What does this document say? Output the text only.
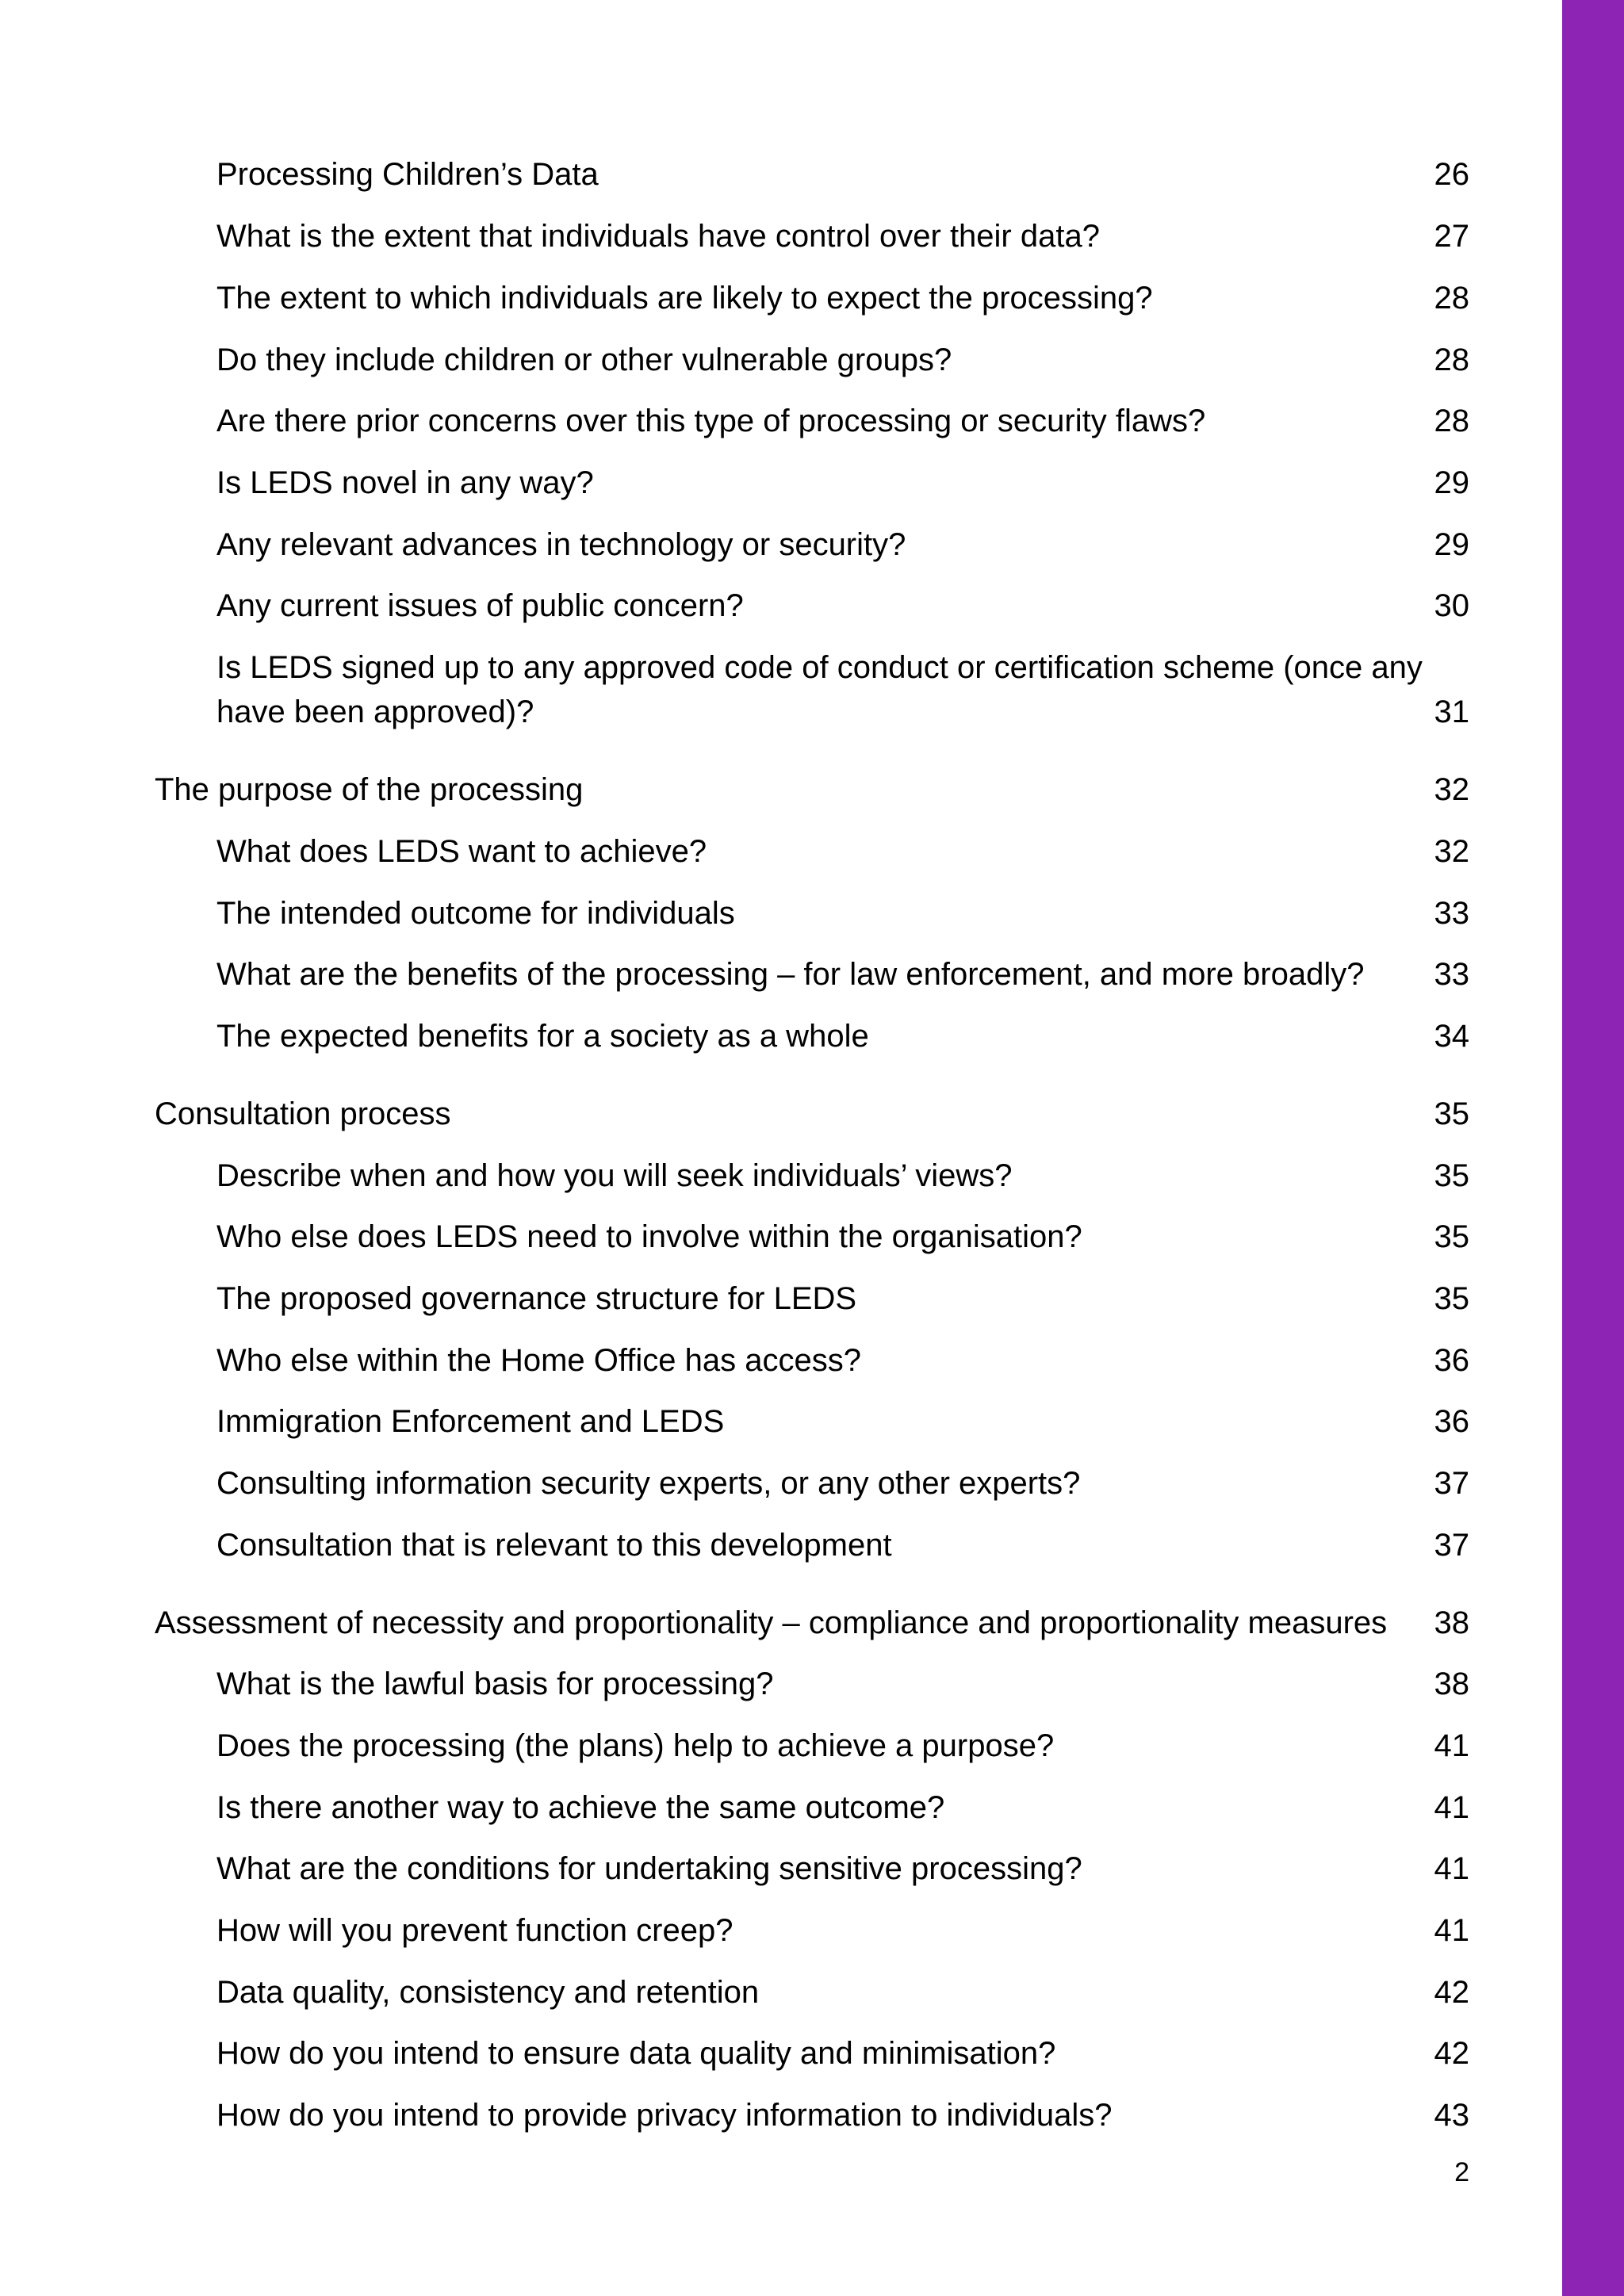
Processing Children’s Data	26
What is the extent that individuals have control over their data?	27
The extent to which individuals are likely to expect the processing?	28
Do they include children or other vulnerable groups?	28
Are there prior concerns over this type of processing or security flaws?	28
Is LEDS novel in any way?	29
Any relevant advances in technology or security?	29
Any current issues of public concern?	30
Is LEDS signed up to any approved code of conduct or certification scheme (once any have been approved)?	31
The purpose of the processing	32
What does LEDS want to achieve?	32
The intended outcome for individuals	33
What are the benefits of the processing – for law enforcement, and more broadly? 33
The expected benefits for a society as a whole	34
Consultation process	35
Describe when and how you will seek individuals’ views?	35
Who else does LEDS need to involve within the organisation?	35
The proposed governance structure for LEDS	35
Who else within the Home Office has access?	36
Immigration Enforcement and LEDS	36
Consulting information security experts, or any other experts?	37
Consultation that is relevant to this development	37
Assessment of necessity and proportionality – compliance and proportionality measures 38
What is the lawful basis for processing?	38
Does the processing (the plans) help to achieve a purpose?	41
Is there another way to achieve the same outcome?	41
What are the conditions for undertaking sensitive processing?	41
How will you prevent function creep?	41
Data quality, consistency and retention	42
How do you intend to ensure data quality and minimisation?	42
How do you intend to provide privacy information to individuals?	43
2
